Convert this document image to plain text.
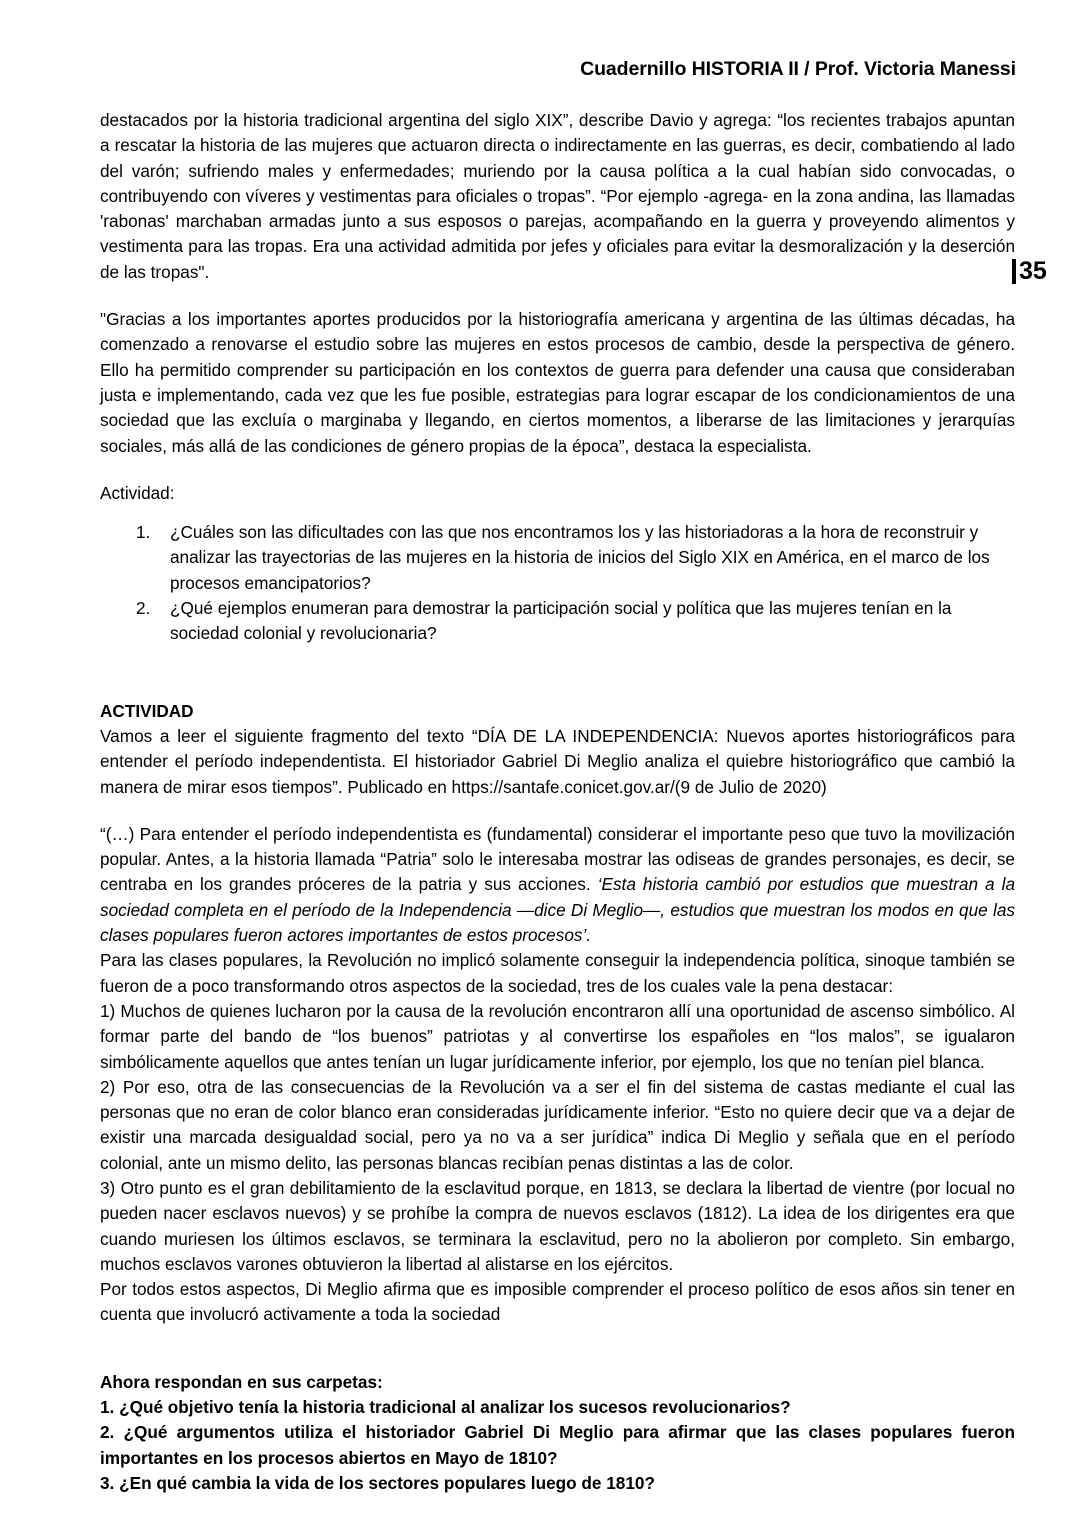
Cuadernillo HISTORIA II / Prof. Victoria Manessi
35

destacados por la historia tradicional argentina del siglo XIX”, describe Davio y agrega: “los recientes trabajos apuntan a rescatar la historia de las mujeres que actuaron directa o indirectamente en las guerras, es decir, combatiendo al lado del varón; sufriendo males y enfermedades; muriendo por la causa política a la cual habían sido convocadas, o contribuyendo con víveres y vestimentas para oficiales o tropas”. “Por ejemplo -agrega- en la zona andina, las llamadas 'rabonas' marchaban armadas junto a sus esposos o parejas, acompañando en la guerra y proveyendo alimentos y vestimenta para las tropas. Era una actividad admitida por jefes y oficiales para evitar la desmoralización y la deserción de las tropas".

"Gracias a los importantes aportes producidos por la historiografía americana y argentina de las últimas décadas, ha comenzado a renovarse el estudio sobre las mujeres en estos procesos de cambio, desde la perspectiva de género. Ello ha permitido comprender su participación en los contextos de guerra para defender una causa que consideraban justa e implementando, cada vez que les fue posible, estrategias para lograr escapar de los condicionamientos de una sociedad que las excluía o marginaba y llegando, en ciertos momentos, a liberarse de las limitaciones y jerarquías sociales, más allá de las condiciones de género propias de la época”, destaca la especialista.

Actividad:

1.	¿Cuáles son las dificultades con las que nos encontramos los y las historiadoras a la hora de reconstruir y analizar las trayectorias de las mujeres en la historia de inicios del Siglo XIX en América, en el marco de los procesos emancipatorios?
2.	¿Qué ejemplos enumeran para demostrar la participación social y política que las mujeres tenían en la sociedad colonial y revolucionaria?

ACTIVIDAD

Vamos a leer el siguiente fragmento del texto “DÍA DE LA INDEPENDENCIA: Nuevos aportes historiográficos para entender el período independentista. El historiador Gabriel Di Meglio analiza el quiebre historiográfico que cambió la manera de mirar esos tiempos”. Publicado en https://santafe.conicet.gov.ar/(9 de Julio de 2020)

“(…) Para entender el período independentista es (fundamental) considerar el importante peso que tuvo la movilización popular. Antes, a la historia llamada “Patria” solo le interesaba mostrar las odiseas de grandes personajes, es decir, se centraba en los grandes próceres de la patria y sus acciones. ‘Esta historia cambió por estudios que muestran a la sociedad completa en el período de la Independencia —dice Di Meglio—, estudios que muestran los modos en que las clases populares fueron actores importantes de estos procesos’.

Para las clases populares, la Revolución no implicó solamente conseguir la independencia política, sinoque también se fueron de a poco transformando otros aspectos de la sociedad, tres de los cuales vale la pena destacar:

1) Muchos de quienes lucharon por la causa de la revolución encontraron allí una oportunidad de ascenso simbólico. Al formar parte del bando de “los buenos” patriotas y al convertirse los españoles en “los malos”, se igualaron simbólicamente aquellos que antes tenían un lugar jurídicamente inferior, por ejemplo, los que no tenían piel blanca.

2) Por eso, otra de las consecuencias de la Revolución va a ser el fin del sistema de castas mediante el cual las personas que no eran de color blanco eran consideradas jurídicamente inferior. “Esto no quiere decir que va a dejar de existir una marcada desigualdad social, pero ya no va a ser jurídica” indica Di Meglio y señala que en el período colonial, ante un mismo delito, las personas blancas recibían penas distintas a las de color.

3) Otro punto es el gran debilitamiento de la esclavitud porque, en 1813, se declara la libertad de vientre (por locual no pueden nacer esclavos nuevos) y se prohíbe la compra de nuevos esclavos (1812). La idea de los dirigentes era que cuando muriesen los últimos esclavos, se terminara la esclavitud, pero no la abolieron por completo. Sin embargo, muchos esclavos varones obtuvieron la libertad al alistarse en los ejércitos.

Por todos estos aspectos, Di Meglio afirma que es imposible comprender el proceso político de esos años sin tener en cuenta que involucró activamente a toda la sociedad

Ahora respondan en sus carpetas:

1. ¿Qué objetivo tenía la historia tradicional al analizar los sucesos revolucionarios?

2. ¿Qué argumentos utiliza el historiador Gabriel Di Meglio para afirmar que las clases populares fueron importantes en los procesos abiertos en Mayo de 1810?

3. ¿En qué cambia la vida de los sectores populares luego de 1810?
